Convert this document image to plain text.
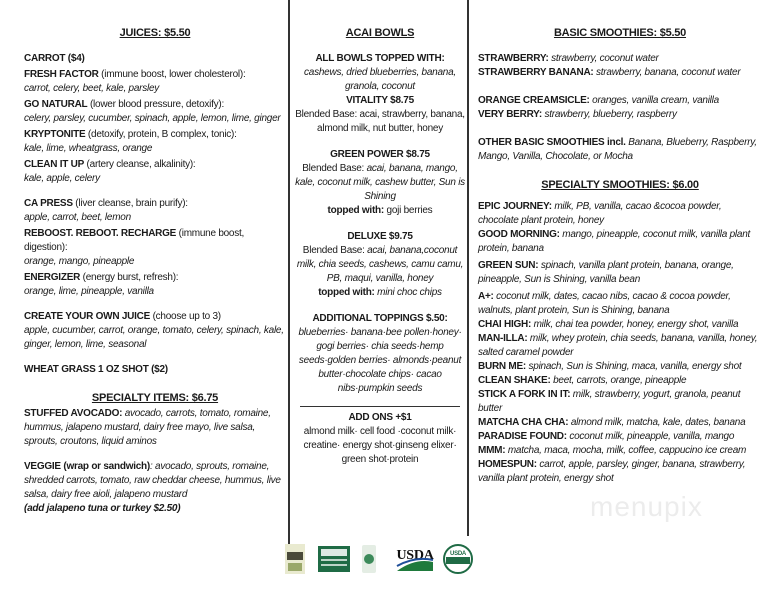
JUICES: $5.50
CARROT ($4)
FRESH FACTOR (immune boost, lower cholesterol):
carrot, celery, beet, kale, parsley
GO NATURAL (lower blood pressure, detoxify):
celery, parsley, cucumber, spinach, apple, lemon, lime, ginger
KRYPTONITE (detoxify, protein, B complex, tonic):
kale, lime, wheatgrass, orange
CLEAN IT UP (artery cleanse, alkalinity):
kale, apple, celery
CA PRESS (liver cleanse, brain purify):
apple, carrot, beet, lemon
REBOOST. REBOOT. RECHARGE (immune boost, digestion):
orange, mango, pineapple
ENERGIZER (energy burst, refresh):
orange, lime, pineapple, vanilla
CREATE YOUR OWN JUICE (choose up to 3)
apple, cucumber, carrot, orange, tomato, celery, spinach, kale, ginger, lemon, lime, seasonal
WHEAT GRASS 1 OZ SHOT ($2)
SPECIALTY ITEMS: $6.75
STUFFED AVOCADO: avocado, carrots, tomato, romaine, hummus, jalapeno mustard, dairy free mayo, live salsa, sprouts, croutons, liquid aminos
VEGGIE (wrap or sandwich): avocado, sprouts, romaine, shredded carrots, tomato, raw cheddar cheese, hummus, live salsa, dairy free aioli, jalapeno mustard
(add jalapeno tuna or turkey $2.50)
ACAI BOWLS
ALL BOWLS TOPPED WITH:
cashews, dried blueberries, banana, granola, coconut
VITALITY $8.75
Blended Base: acai, strawberry, banana, almond milk, nut butter, honey
GREEN POWER $8.75
Blended Base: acai, banana, mango, kale, coconut milk, cashew butter, Sun is Shining
topped with: goji berries
DELUXE $9.75
Blended Base: acai, banana,coconut milk, chia seeds, cashews, camu camu, PB, maqui, vanilla, honey
topped with: mini choc chips
ADDITIONAL TOPPINGS $.50:
blueberries· banana·bee pollen·honey· gogi berries· chia seeds·hemp seeds·golden berries· almonds·peanut butter·chocolate chips· cacao nibs·pumpkin seeds
ADD ONS +$1
almond milk· cell food ·coconut milk· creatine· energy shot·ginseng elixer· green shot·protein
USDA	USDA
BASIC SMOOTHIES: $5.50
STRAWBERRY: strawberry, coconut water
STRAWBERRY BANANA: strawberry, banana, coconut water
ORANGE CREAMSICLE: oranges, vanilla cream, vanilla
VERY BERRY: strawberry, blueberry, raspberry
OTHER BASIC SMOOTHIES incl. Banana, Blueberry, Raspberry, Mango, Vanilla, Chocolate, or Mocha
SPECIALTY SMOOTHIES: $6.00
EPIC JOURNEY: milk, PB, vanilla, cacao &cocoa powder, chocolate plant protein, honey
GOOD MORNING: mango, pineapple, coconut milk, vanilla plant protein, banana
GREEN SUN: spinach, vanilla plant protein, banana, orange, pineapple, Sun is Shining, vanilla bean
A+: coconut milk, dates, cacao nibs, cacao & cocoa powder, walnuts, plant protein, Sun is Shining, banana
CHAI HIGH: milk, chai tea powder, honey, energy shot, vanilla
MAN-ILLA: milk, whey protein, chia seeds, banana, vanilla, honey, salted caramel powder
BURN ME: spinach, Sun is Shining, maca, vanilla, energy shot
CLEAN SHAKE: beet, carrots, orange, pineapple
STICK A FORK IN IT: milk, strawberry, yogurt, granola, peanut butter
MATCHA CHA CHA: almond milk, matcha, kale, dates, banana
PARADISE FOUND: coconut milk, pineapple, vanilla, mango
MMM: matcha, maca, mocha, milk, coffee, cappucino ice cream
HOMESPUN: carrot, apple, parsley, ginger, banana, strawberry, vanilla plant protein, energy shot
menupix
